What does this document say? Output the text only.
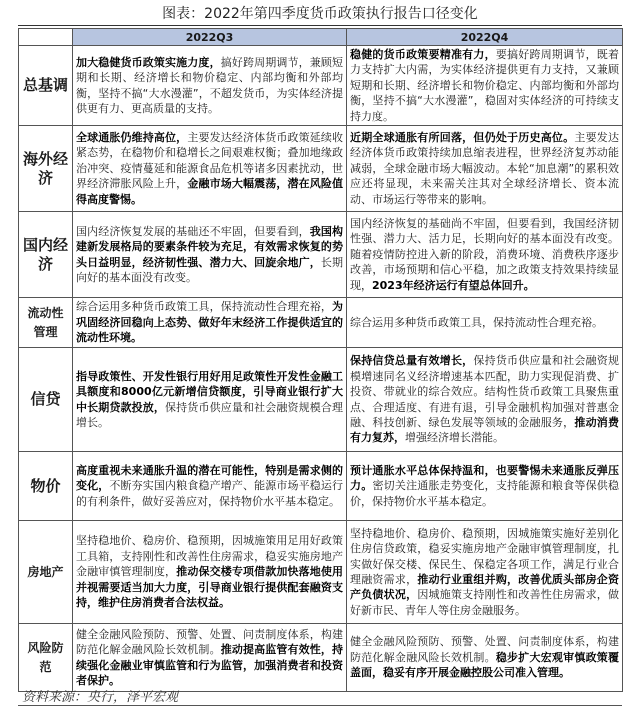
图表：2022年第四季度货币政策执行报告口径变化
	2022Q3	2022Q4
总基调	加大稳健货币政策实施力度，搞好跨周期调节，兼顾短期和长期、经济增长和物价稳定、内部均衡和外部均衡，坚持不搞“大水漫灌”，不超发货币，为实体经济提供更有力、更高质量的支持。	稳健的货币政策要精准有力，要搞好跨周期调节，既着力支持扩大内需，为实体经济提供更有力支持，又兼顾短期和长期、经济增长和物价稳定、内部均衡和外部均衡，坚持不搞“大水漫灌”，稳固对实体经济的可持续支持力度。
海外经济	全球通胀仍维持高位，主要发达经济体货币政策延续收紧态势，在稳物价和稳增长之间艰难权衡；叠加地缘政治冲突、疫情蔓延和能源食品危机等诸多因素扰动，世界经济滞胀风险上升，金融市场大幅震荡，潜在风险值得高度警惕。	近期全球通胀有所回落，但仍处于历史高位。主要发达经济体货币政策持续加息缩表进程，世界经济复苏动能减弱，全球金融市场大幅波动。本轮“加息潮”的累积效应还将显现，未来需关注其对全球经济增长、资本流动、市场运行等带来的影响。
国内经济	国内经济恢复发展的基础还不牢固，但要看到，我国构建新发展格局的要素条件较为充足，有效需求恢复的势头日益明显，经济韧性强、潜力大、回旋余地广，长期向好的基本面没有改变。	国内经济恢复的基础尚不牢固，但要看到，我国经济韧性强、潜力大、活力足，长期向好的基本面没有改变。随着疫情防控进入新的阶段，消费环境、消费秩序逐步改善，市场预期和信心平稳，加之政策支持效果持续显现，2023年经济运行有望总体回升。
流动性管理	综合运用多种货币政策工具，保持流动性合理充裕，为巩固经济回稳向上态势、做好年末经济工作提供适宜的流动性环境。	综合运用多种货币政策工具，保持流动性合理充裕。
信贷	指导政策性、开发性银行用好用足政策性开发性金融工具额度和8000亿元新增信贷额度，引导商业银行扩大中长期贷款投放，保持货币供应量和社会融资规模合理增长。	保持信贷总量有效增长，保持货币供应量和社会融资规模增速同名义经济增速基本匹配，助力实现促消费、扩投资、带就业的综合效应。结构性货币政策工具聚焦重点、合理适度、有进有退，引导金融机构加强对普惠金融、科技创新、绿色发展等领域的金融服务，推动消费有力复苏，增强经济增长潜能。
物价	高度重视未来通胀升温的潜在可能性，特别是需求侧的变化，不断夯实国内粮食稳产增产、能源市场平稳运行的有利条件，做好妥善应对，保持物价水平基本稳定。	预计通胀水平总体保持温和，也要警惕未来通胀反弹压力。密切关注通胀走势变化，支持能源和粮食等保供稳价，保持物价水平基本稳定。
房地产	坚持稳地价、稳房价、稳预期，因城施策用足用好政策工具箱，支持刚性和改善性住房需求，稳妥实施房地产金融审慎管理制度，推动保交楼专项借款加快落地使用并视需要适当加大力度，引导商业银行提供配套融资支持，维护住房消费者合法权益。	坚持稳地价、稳房价、稳预期，因城施策实施好差别化住房信贷政策，稳妥实施房地产金融审慎管理制度，扎实做好保交楼、保民生、保稳定各项工作，满足行业合理融资需求，推动行业重组并购，改善优质头部房企资产负债状况，因城施策支持刚性和改善性住房需求，做好新市民、青年人等住房金融服务。
风险防范	健全金融风险预防、预警、处置、问责制度体系，构建防范化解金融风险长效机制。推动提高监管有效性，持续强化金融业审慎监管和行为监管，加强消费者和投资者保护。	健全金融风险预防、预警、处置、问责制度体系，构建防范化解金融风险长效机制。稳步扩大宏观审慎政策覆盖面，稳妥有序开展金融控股公司准入管理。
资料来源：央行，泽平宏观
